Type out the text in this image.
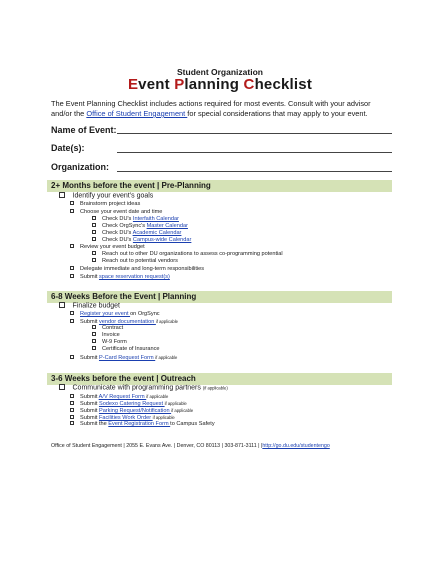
Student Organization
Event Planning Checklist
The Event Planning Checklist includes actions required for most events. Consult with your advisor and/or the Office of Student Engagement for special considerations that may apply to your event.
Name of Event:
Date(s):
Organization:
2+ Months before the event | Pre-Planning
Identify your event’s goals
Brainstorm project ideas
Choose your event date and time
Check DU's Interfaith Calendar
Check OrgSync's Master Calendar
Check DU's Academic Calendar
Check DU's Campus-wide Calendar
Review your event budget
Reach out to other DU organizations to assess co-programming potential
Reach out to potential vendors
Delegate immediate and long-term responsibilities
Submit space reservation request(s)
6-8 Weeks Before the Event | Planning
Finalize budget
Register your event on OrgSync
Submit vendor documentation if applicable
Contract
Invoice
W-9 Form
Certificate of Insurance
Submit P-Card Request Form if applicable
3-6 Weeks before the event | Outreach
Communicate with programming partners (if applicable)
Submit A/V Request Form if applicable
Submit Sodexo Catering Request if applicable
Submit Parking Request/Notification if applicable
Submit Facilities Work Order if applicable
Submit the Event Registration Form to Campus Safety
Office of Student Engagement | 2055 E. Evans Ave. | Denver, CO 80113 | 303-871-3111 | |http://go.du.edu/studentengo
